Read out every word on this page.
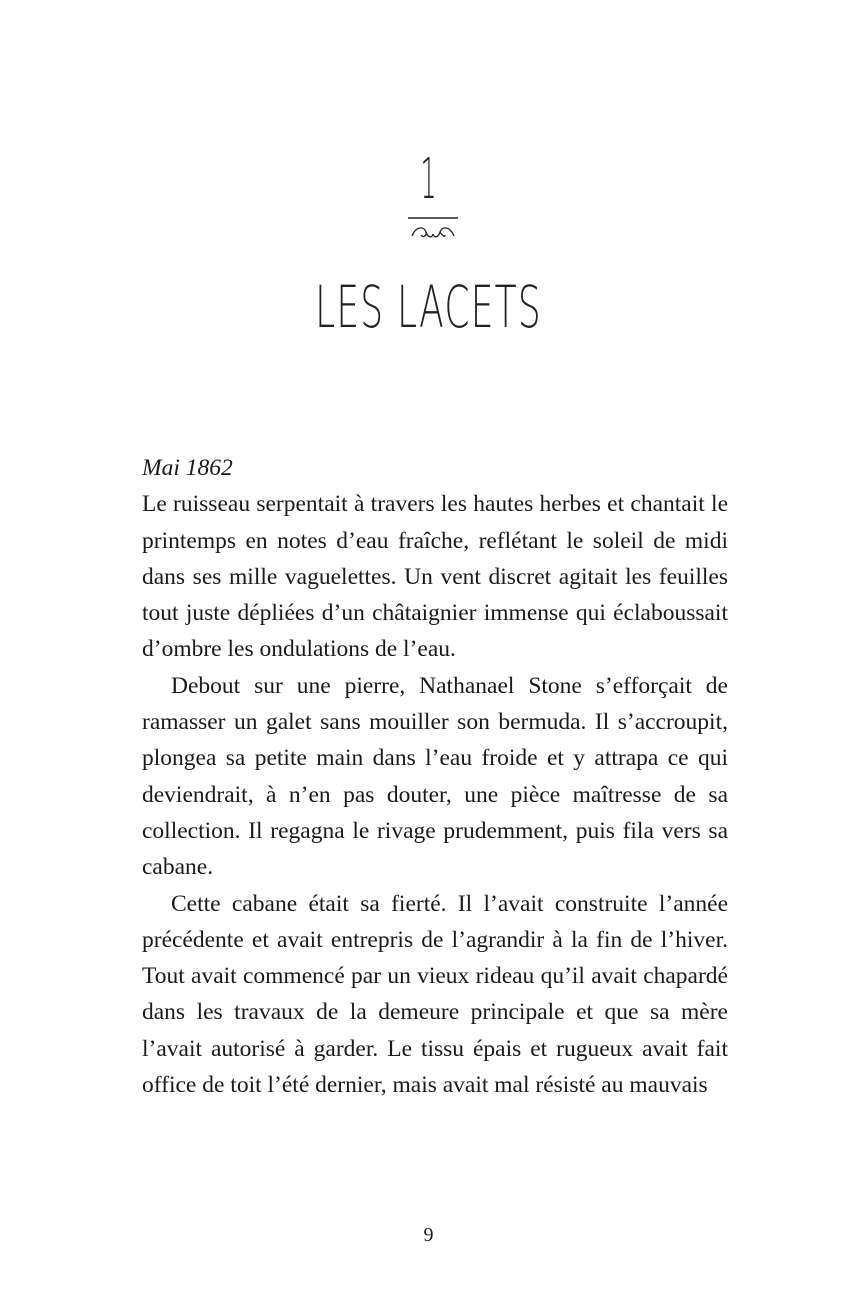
1
LES LACETS

Mai 1862

Le ruisseau serpentait à travers les hautes herbes et chantait le printemps en notes d’eau fraîche, reflétant le soleil de midi dans ses mille vaguelettes. Un vent discret agitait les feuilles tout juste dépliées d’un châtaignier immense qui éclaboussait d’ombre les ondulations de l’eau.

Debout sur une pierre, Nathanael Stone s’efforçait de ramasser un galet sans mouiller son bermuda. Il s’accroupit, plongea sa petite main dans l’eau froide et y attrapa ce qui deviendrait, à n’en pas douter, une pièce maîtresse de sa collection. Il regagna le rivage prudemment, puis fila vers sa cabane.

Cette cabane était sa fierté. Il l’avait construite l’année précédente et avait entrepris de l’agrandir à la fin de l’hiver. Tout avait commencé par un vieux rideau qu’il avait chapardé dans les travaux de la demeure principale et que sa mère l’avait autorisé à garder. Le tissu épais et rugueux avait fait office de toit l’été dernier, mais avait mal résisté au mauvais

9
